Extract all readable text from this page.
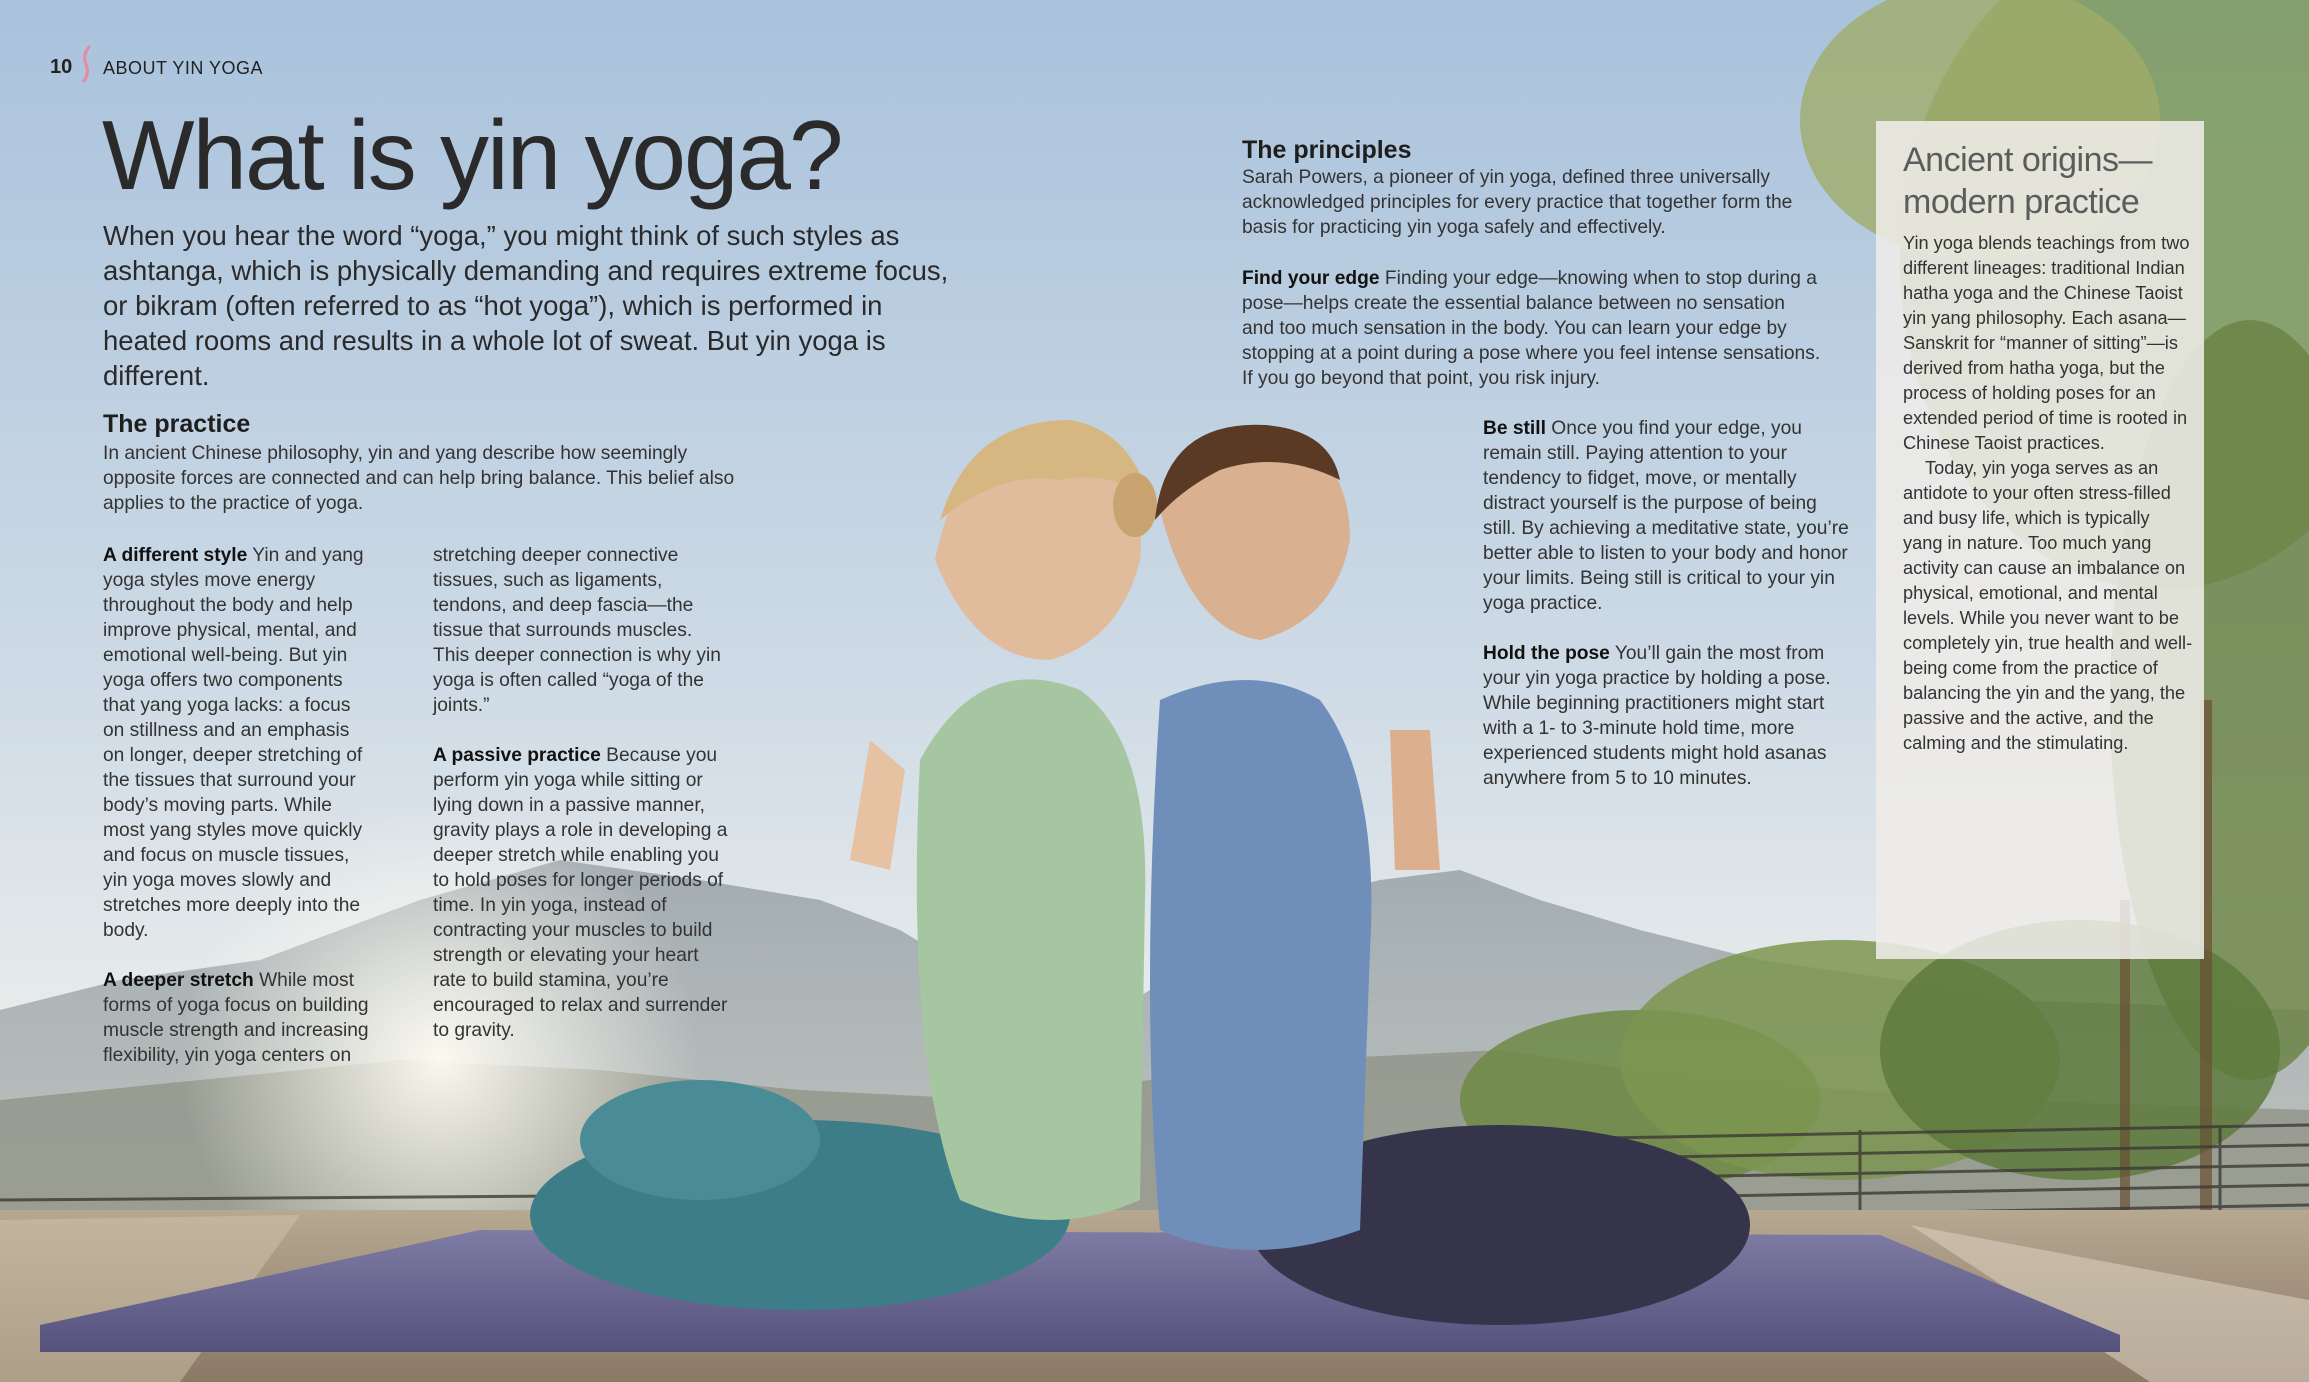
10 ABOUT YIN YOGA
What is yin yoga?

When you hear the word “yoga,” you might think of such styles as ashtanga, which is physically demanding and requires extreme focus, or bikram (often referred to as “hot yoga”), which is performed in heated rooms and results in a whole lot of sweat. But yin yoga is different.

The practice

In ancient Chinese philosophy, yin and yang describe how seemingly opposite forces are connected and can help bring balance. This belief also applies to the practice of yoga.

A different style Yin and yang yoga styles move energy throughout the body and help improve physical, mental, and emotional well-being. But yin yoga offers two components that yang yoga lacks: a focus on stillness and an emphasis on longer, deeper stretching of the tissues that surround your body’s moving parts. While most yang styles move quickly and focus on muscle tissues, yin yoga moves slowly and stretches more deeply into the body.

A deeper stretch While most forms of yoga focus on building muscle strength and increasing flexibility, yin yoga centers on

stretching deeper connective tissues, such as ligaments, tendons, and deep fascia—the tissue that surrounds muscles. This deeper connection is why yin yoga is often called “yoga of the joints.”

A passive practice Because you perform yin yoga while sitting or lying down in a passive manner, gravity plays a role in developing a deeper stretch while enabling you to hold poses for longer periods of time. In yin yoga, instead of contracting your muscles to build strength or elevating your heart rate to build stamina, you’re encouraged to relax and surrender to gravity.

The principles

Sarah Powers, a pioneer of yin yoga, defined three universally acknowledged principles for every practice that together form the basis for practicing yin yoga safely and effectively.

Find your edge Finding your edge—knowing when to stop during a pose—helps create the essential balance between no sensation and too much sensation in the body. You can learn your edge by stopping at a point during a pose where you feel intense sensations. If you go beyond that point, you risk injury.

Be still Once you find your edge, you remain still. Paying attention to your tendency to fidget, move, or mentally distract yourself is the purpose of being still. By achieving a meditative state, you’re better able to listen to your body and honor your limits. Being still is critical to your yin yoga practice.

Hold the pose You’ll gain the most from your yin yoga practice by holding a pose. While beginning practitioners might start with a 1- to 3-minute hold time, more experienced students might hold asanas anywhere from 5 to 10 minutes.

Ancient origins—modern practice

Yin yoga blends teachings from two different lineages: traditional Indian hatha yoga and the Chinese Taoist yin yang philosophy. Each asana—Sanskrit for “manner of sitting”—is derived from hatha yoga, but the process of holding poses for an extended period of time is rooted in Chinese Taoist practices.

Today, yin yoga serves as an antidote to your often stress-filled and busy life, which is typically yang in nature. Too much yang activity can cause an imbalance on physical, emotional, and mental levels. While you never want to be completely yin, true health and well-being come from the practice of balancing the yin and the yang, the passive and the active, and the calming and the stimulating.
